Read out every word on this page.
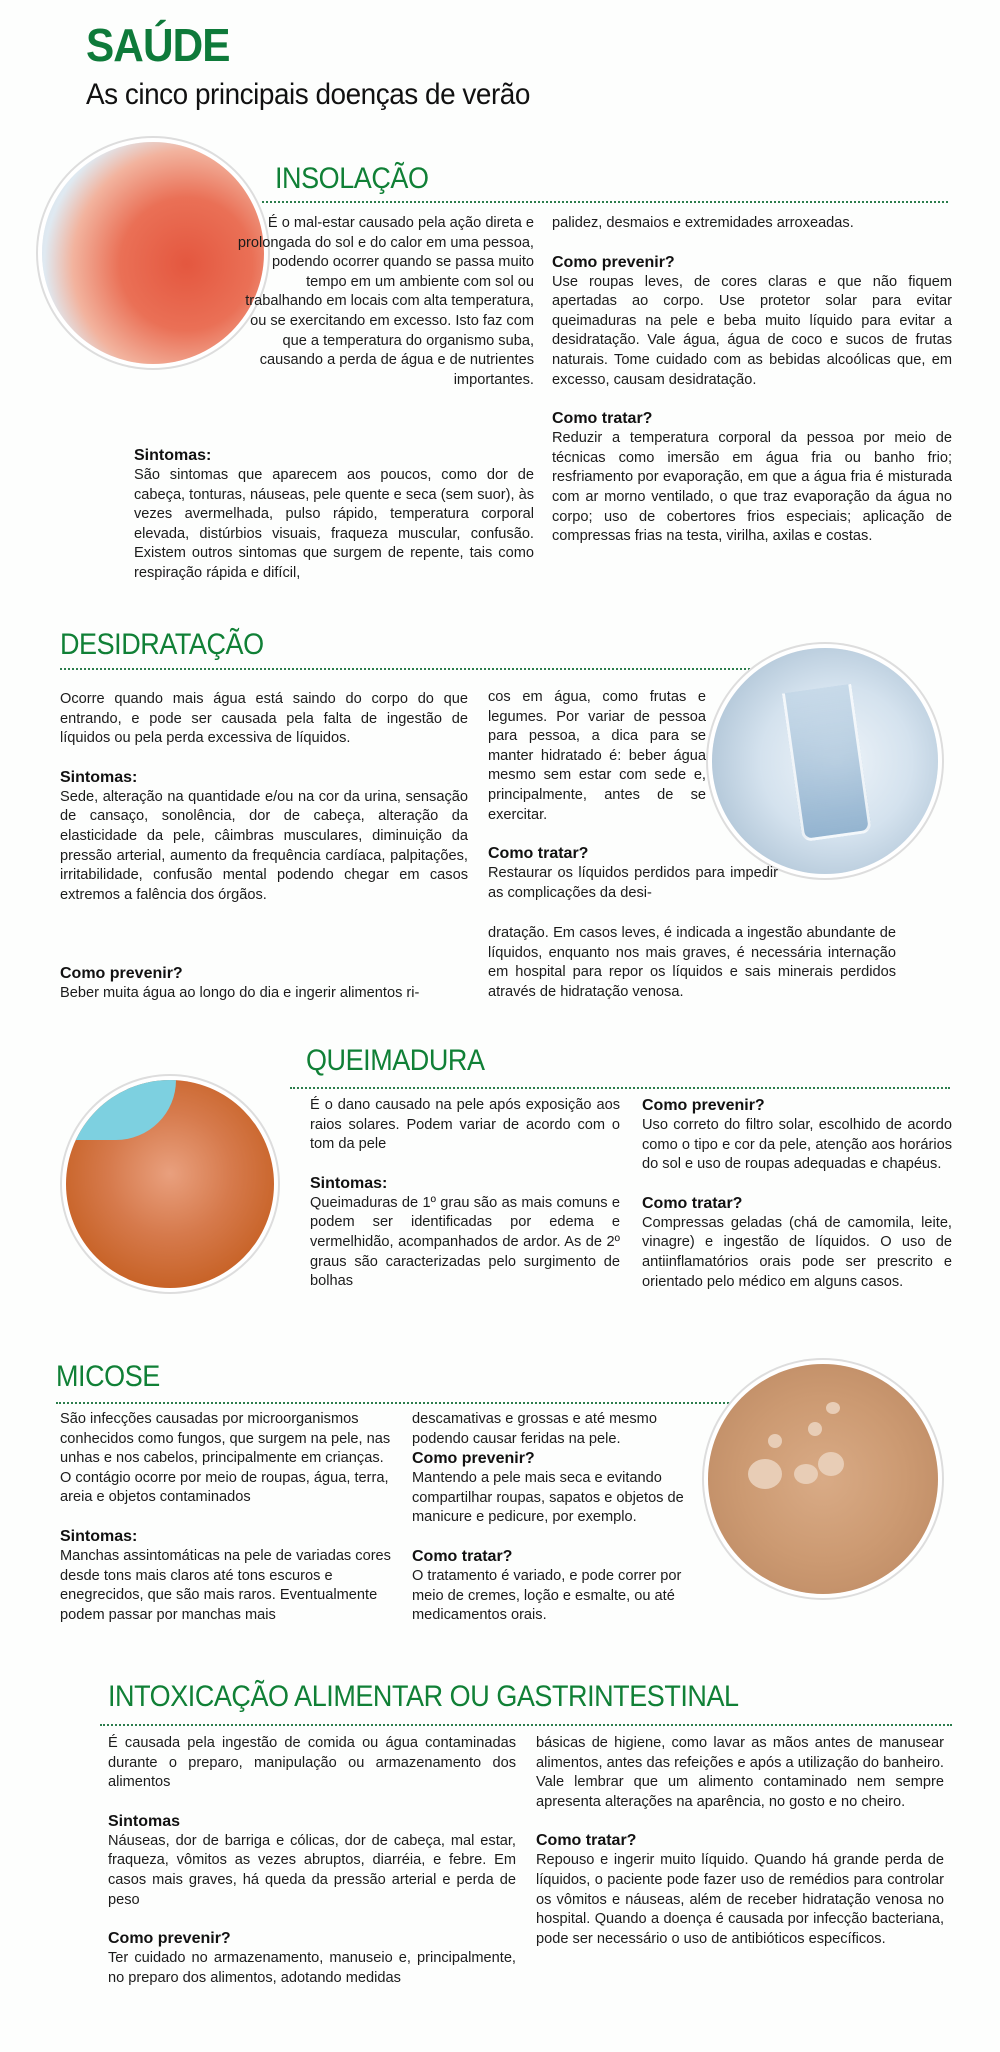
SAÚDE
As cinco principais doenças de verão
INSOLAÇÃO

É o mal-estar causado pela ação direta e prolongada do sol e do calor em uma pessoa, podendo ocorrer quando se passa muito tempo em um ambiente com sol ou trabalhando em locais com alta temperatura, ou se exercitando em excesso. Isto faz com que a temperatura do organismo suba, causando a perda de água e de nutrientes importantes.

Sintomas:

São sintomas que aparecem aos poucos, como dor de cabeça, tonturas, náuseas, pele quente e seca (sem suor), às vezes avermelhada, pulso rápido, temperatura corporal elevada, distúrbios visuais, fraqueza muscular, confusão. Existem outros sintomas que surgem de repente, tais como respiração rápida e difícil,

palidez, desmaios e extremidades arroxeadas.

Como prevenir?

Use roupas leves, de cores claras e que não fiquem apertadas ao corpo. Use protetor solar para evitar queimaduras na pele e beba muito líquido para evitar a desidratação. Vale água, água de coco e sucos de frutas naturais. Tome cuidado com as bebidas alcoólicas que, em excesso, causam desidratação.

Como tratar?

Reduzir a temperatura corporal da pessoa por meio de técnicas como imersão em água fria ou banho frio; resfriamento por evaporação, em que a água fria é misturada com ar morno ventilado, o que traz evaporação da água no corpo; uso de cobertores frios especiais; aplicação de compressas frias na testa, virilha, axilas e costas.

DESIDRATAÇÃO

Ocorre quando mais água está saindo do corpo do que entrando, e pode ser causada pela falta de ingestão de líquidos ou pela perda excessiva de líquidos.

Sintomas:

Sede, alteração na quantidade e/ou na cor da urina, sensação de cansaço, sonolência, dor de cabeça, alteração da elasticidade da pele, câimbras musculares, diminuição da pressão arterial, aumento da frequência cardíaca, palpitações, irritabilidade, confusão mental podendo chegar em casos extremos a falência dos órgãos.

Como prevenir?

Beber muita água ao longo do dia e ingerir alimentos ri-

cos em água, como frutas e legumes. Por variar de pessoa para pessoa, a dica para se manter hidratado é: beber água mesmo sem estar com sede e, principalmente, antes de se exercitar.

Como tratar?

Restaurar os líquidos perdidos para impedir as complicações da desi-

dratação. Em casos leves, é indicada a ingestão abundante de líquidos, enquanto nos mais graves, é necessária internação em hospital para repor os líquidos e sais minerais perdidos através de hidratação venosa.

QUEIMADURA

É o dano causado na pele após exposição aos raios solares. Podem variar de acordo com o tom da pele

Sintomas:

Queimaduras de 1º grau são as mais comuns e podem ser identificadas por edema e vermelhidão, acompanhados de ardor. As de 2º graus são caracterizadas pelo surgimento de bolhas

Como prevenir?

Uso correto do filtro solar, escolhido de acordo como o tipo e cor da pele, atenção aos horários do sol e uso de roupas adequadas e chapéus.

Como tratar?

Compressas geladas (chá de camomila, leite, vinagre) e ingestão de líquidos. O uso de antiinflamatórios orais pode ser prescrito e orientado pelo médico em alguns casos.

MICOSE

São infecções causadas por microorganismos conhecidos como fungos, que surgem na pele, nas unhas e nos cabelos, principalmente em crianças. O contágio ocorre por meio de roupas, água, terra, areia e objetos contaminados

Sintomas:

Manchas assintomáticas na pele de variadas cores desde tons mais claros até tons escuros e enegrecidos, que são mais raros. Eventualmente podem passar por manchas mais

descamativas e grossas e até mesmo podendo causar feridas na pele.

Como prevenir?

Mantendo a pele mais seca e evitando compartilhar roupas, sapatos e objetos de manicure e pedicure, por exemplo.

Como tratar?

O tratamento é variado, e pode correr por meio de cremes, loção e esmalte, ou até medicamentos orais.

INTOXICAÇÃO ALIMENTAR OU GASTRINTESTINAL

É causada pela ingestão de comida ou água contaminadas durante o preparo, manipulação ou armazenamento dos alimentos

Sintomas

Náuseas, dor de barriga e cólicas, dor de cabeça, mal estar, fraqueza, vômitos as vezes abruptos, diarréia, e febre. Em casos mais graves, há queda da pressão arterial e perda de peso

Como prevenir?

Ter cuidado no armazenamento, manuseio e, principalmente, no preparo dos alimentos, adotando medidas

básicas de higiene, como lavar as mãos antes de manusear alimentos, antes das refeições e após a utilização do banheiro. Vale lembrar que um alimento contaminado nem sempre apresenta alterações na aparência, no gosto e no cheiro.

Como tratar?

Repouso e ingerir muito líquido. Quando há grande perda de líquidos, o paciente pode fazer uso de remédios para controlar os vômitos e náuseas, além de receber hidratação venosa no hospital. Quando a doença é causada por infecção bacteriana, pode ser necessário o uso de antibióticos específicos.
